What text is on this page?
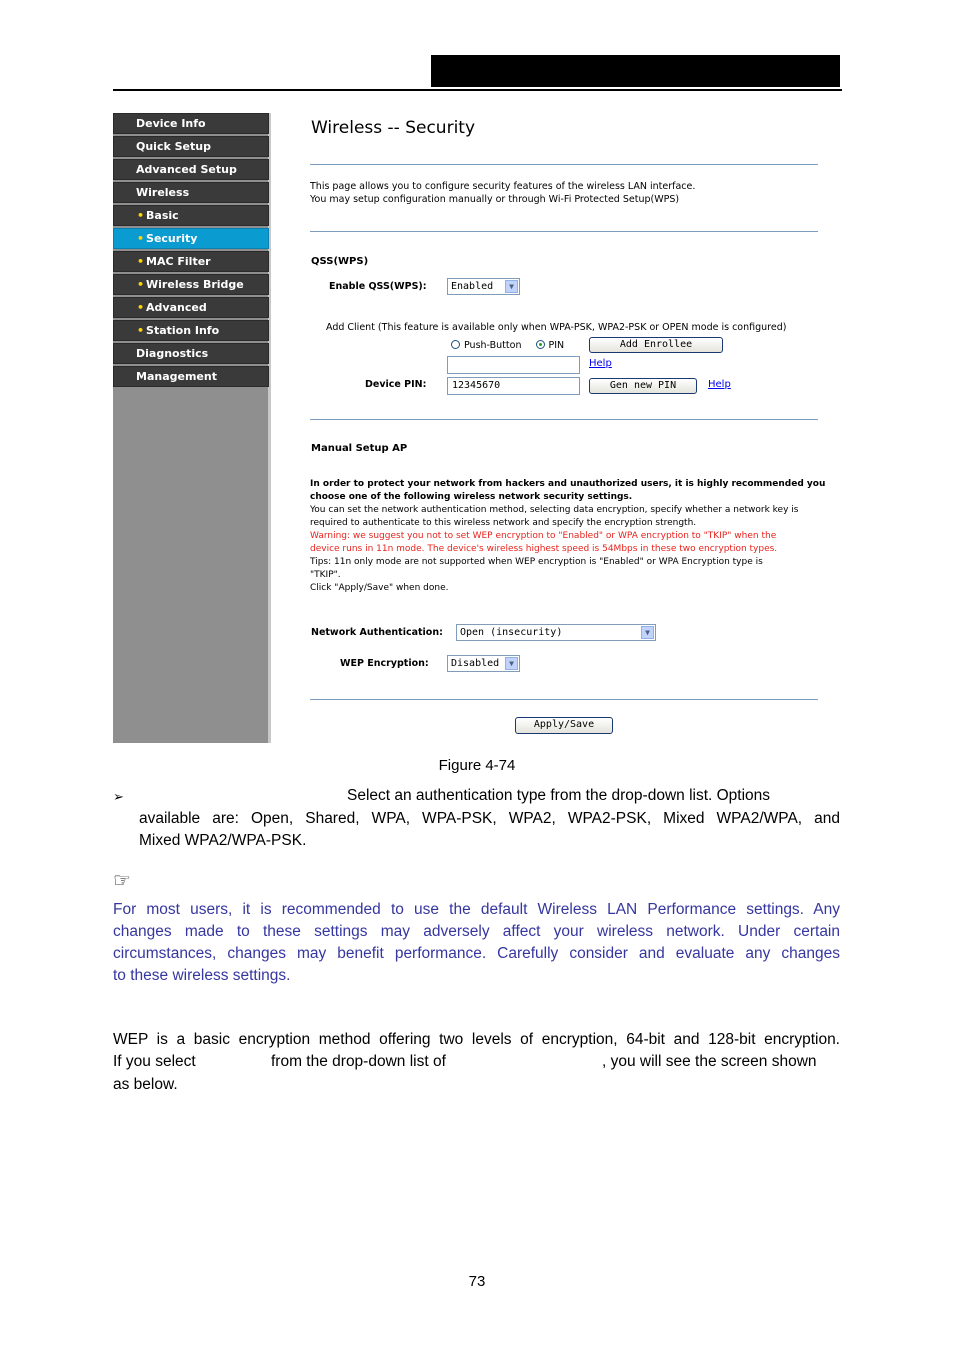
Device Info
Quick Setup
Advanced Setup
Wireless
• Basic
• Security
• MAC Filter
• Wireless Bridge
• Advanced
• Station Info
Diagnostics
Management
Wireless -- Security
This page allows you to configure security features of the wireless LAN interface.
You may setup configuration manually or through Wi-Fi Protected Setup(WPS)
QSS(WPS)
Enable QSS(WPS):	Enabled	▼
Add Client (This feature is available only when WPA-PSK, WPA2-PSK or OPEN mode is configured)
Push-Button	PIN	Add Enrollee
Help
Device PIN:	12345670	Gen new PIN	Help
Manual Setup AP
In order to protect your network from hackers and unauthorized users, it is highly recommended you
choose one of the following wireless network security settings.
You can set the network authentication method, selecting data encryption, specify whether a network key is
required to authenticate to this wireless network and specify the encryption strength.
Warning: we suggest you not to set WEP encryption to "Enabled" or WPA encryption to "TKIP" when the
device runs in 11n mode. The device's wireless highest speed is 54Mbps in these two encryption types.
Tips: 11n only mode are not supported when WEP encryption is "Enabled" or WPA Encryption type is
"TKIP".
Click "Apply/Save" when done.
Network Authentication:	Open (insecurity)	▼
WEP Encryption:	Disabled	▼
Apply/Save
Figure 4-74
➢	Select an authentication type from the drop-down list. Options
available are: Open, Shared, WPA, WPA-PSK, WPA2, WPA2-PSK, Mixed WPA2/WPA, and
Mixed WPA2/WPA-PSK.
☞
For most users, it is recommended to use the default Wireless LAN Performance settings. Any
changes made to these settings may adversely affect your wireless network. Under certain
circumstances, changes may benefit performance. Carefully consider and evaluate any changes
to these wireless settings.
WEP is a basic encryption method offering two levels of encryption, 64-bit and 128-bit encryption.
If you select	from the drop-down list of	, you will see the screen shown
as below.
73
